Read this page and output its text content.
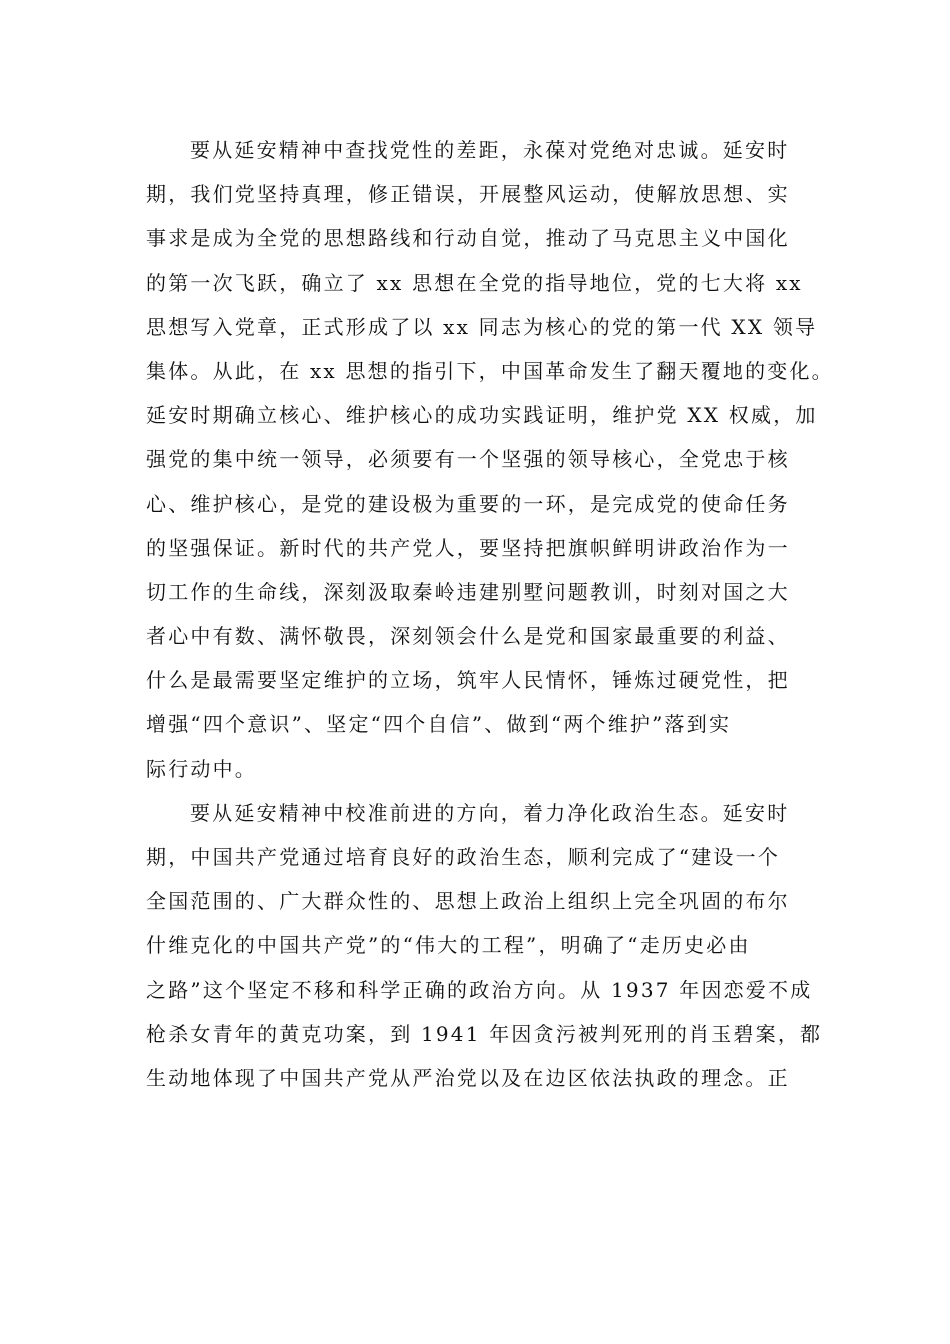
要从延安精神中查找党性的差距，永葆对党绝对忠诚。延安时
期，我们党坚持真理，修正错误，开展整风运动，使解放思想、实
事求是成为全党的思想路线和行动自觉，推动了马克思主义中国化
的第一次飞跃，确立了 xx 思想在全党的指导地位，党的七大将 xx
思想写入党章，正式形成了以 xx 同志为核心的党的第一代 XX 领导
集体。从此，在 xx 思想的指引下，中国革命发生了翻天覆地的变化。
延安时期确立核心、维护核心的成功实践证明，维护党 XX 权威，加
强党的集中统一领导，必须要有一个坚强的领导核心，全党忠于核
心、维护核心，是党的建设极为重要的一环，是完成党的使命任务
的坚强保证。新时代的共产党人，要坚持把旗帜鲜明讲政治作为一
切工作的生命线，深刻汲取秦岭违建别墅问题教训，时刻对国之大
者心中有数、满怀敬畏，深刻领会什么是党和国家最重要的利益、
什么是最需要坚定维护的立场，筑牢人民情怀，锤炼过硬党性，把
增强“四个意识”、坚定“四个自信”、做到“两个维护”落到实
际行动中。
要从延安精神中校准前进的方向，着力净化政治生态。延安时
期，中国共产党通过培育良好的政治生态，顺利完成了“建设一个
全国范围的、广大群众性的、思想上政治上组织上完全巩固的布尔
什维克化的中国共产党”的“伟大的工程”，明确了“走历史必由
之路”这个坚定不移和科学正确的政治方向。从 1937 年因恋爱不成
枪杀女青年的黄克功案，到 1941 年因贪污被判死刑的肖玉碧案，都
生动地体现了中国共产党从严治党以及在边区依法执政的理念。正
